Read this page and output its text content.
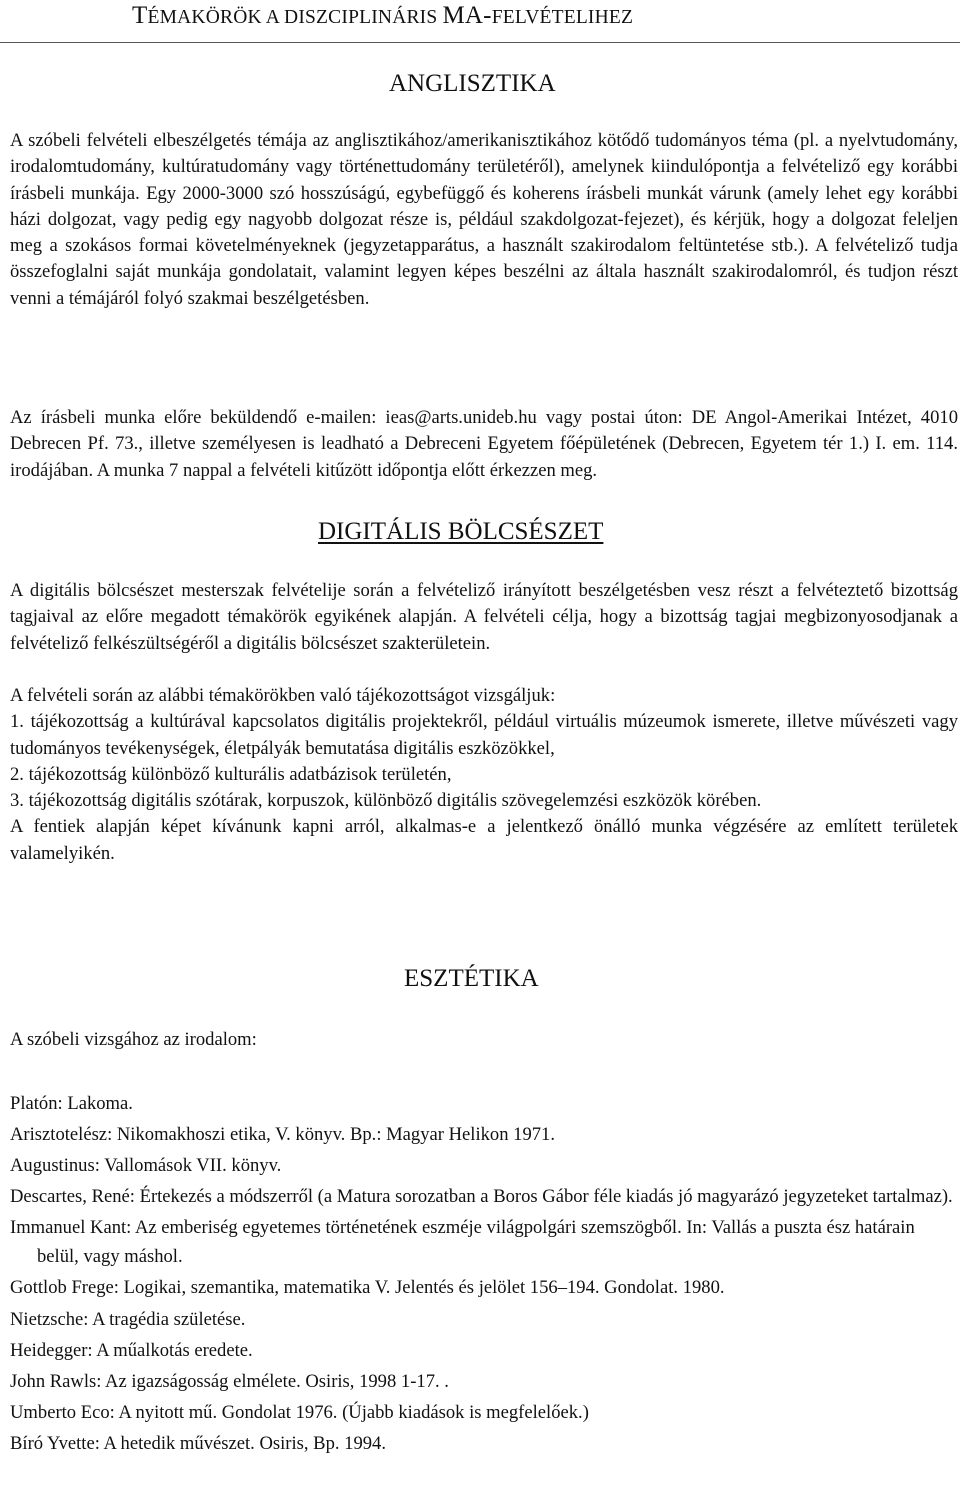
TÉMAKÖRÖK A DISZCIPLINÁRIS MA-FELVÉTELIHEZ
ANGLISZTIKA

A szóbeli felvételi elbeszélgetés témája az anglisztikához/amerikanisztikához kötődő tudományos téma (pl. a nyelvtudomány, irodalomtudomány, kultúratudomány vagy történettudomány területéről), amelynek kiindulópontja a felvételiző egy korábbi írásbeli munkája. Egy 2000-3000 szó hosszúságú, egybefüggő és koherens írásbeli munkát várunk (amely lehet egy korábbi házi dolgozat, vagy pedig egy nagyobb dolgozat része is, például szakdolgozat-fejezet), és kérjük, hogy a dolgozat feleljen meg a szokásos formai követelményeknek (jegyzetapparátus, a használt szakirodalom feltüntetése stb.). A felvételiző tudja összefoglalni saját munkája gondolatait, valamint legyen képes beszélni az általa használt szakirodalomról, és tudjon részt venni a témájáról folyó szakmai beszélgetésben.

Az írásbeli munka előre beküldendő e-mailen: ieas@arts.unideb.hu vagy postai úton: DE Angol-Amerikai Intézet, 4010 Debrecen Pf. 73., illetve személyesen is leadható a Debreceni Egyetem főépületének (Debrecen, Egyetem tér 1.) I. em. 114. irodájában. A munka 7 nappal a felvételi kitűzött időpontja előtt érkezzen meg.

DIGITÁLIS BÖLCSÉSZET

A digitális bölcsészet mesterszak felvételije során a felvételiző irányított beszélgetésben vesz részt a felvéteztető bizottság tagjaival az előre megadott témakörök egyikének alapján. A felvételi célja, hogy a bizottság tagjai megbizonyosodjanak a felvételiző felkészültségéről a digitális bölcsészet szakterületein.

A felvételi során az alábbi témakörökben való tájékozottságot vizsgáljuk:

1. tájékozottság a kultúrával kapcsolatos digitális projektekről, például virtuális múzeumok ismerete, illetve művészeti vagy tudományos tevékenységek, életpályák bemutatása digitális eszközökkel,

2. tájékozottság különböző kulturális adatbázisok területén,

3. tájékozottság digitális szótárak, korpuszok, különböző digitális szövegelemzési eszközök körében.

A fentiek alapján képet kívánunk kapni arról, alkalmas-e a jelentkező önálló munka végzésére az említett területek valamelyikén.

ESZTÉTIKA

A szóbeli vizsgához az irodalom:

Platón: Lakoma.
Arisztotelész: Nikomakhoszi etika, V. könyv. Bp.: Magyar Helikon 1971.
Augustinus: Vallomások VII. könyv.
Descartes, René: Értekezés a módszerről (a Matura sorozatban a Boros Gábor féle kiadás jó magyarázó jegyzeteket tartalmaz).
Immanuel Kant: Az emberiség egyetemes történetének eszméje világpolgári szemszögből. In: Vallás a puszta ész határain belül, vagy máshol.
Gottlob Frege: Logikai, szemantika, matematika V. Jelentés és jelölet 156–194. Gondolat. 1980.
Nietzsche: A tragédia születése.
Heidegger: A műalkotás eredete.
John Rawls: Az igazságosság elmélete. Osiris, 1998 1-17. .
Umberto Eco: A nyitott mű. Gondolat 1976. (Újabb kiadások is megfelelőek.)
Bíró Yvette: A hetedik művészet. Osiris, Bp. 1994.
